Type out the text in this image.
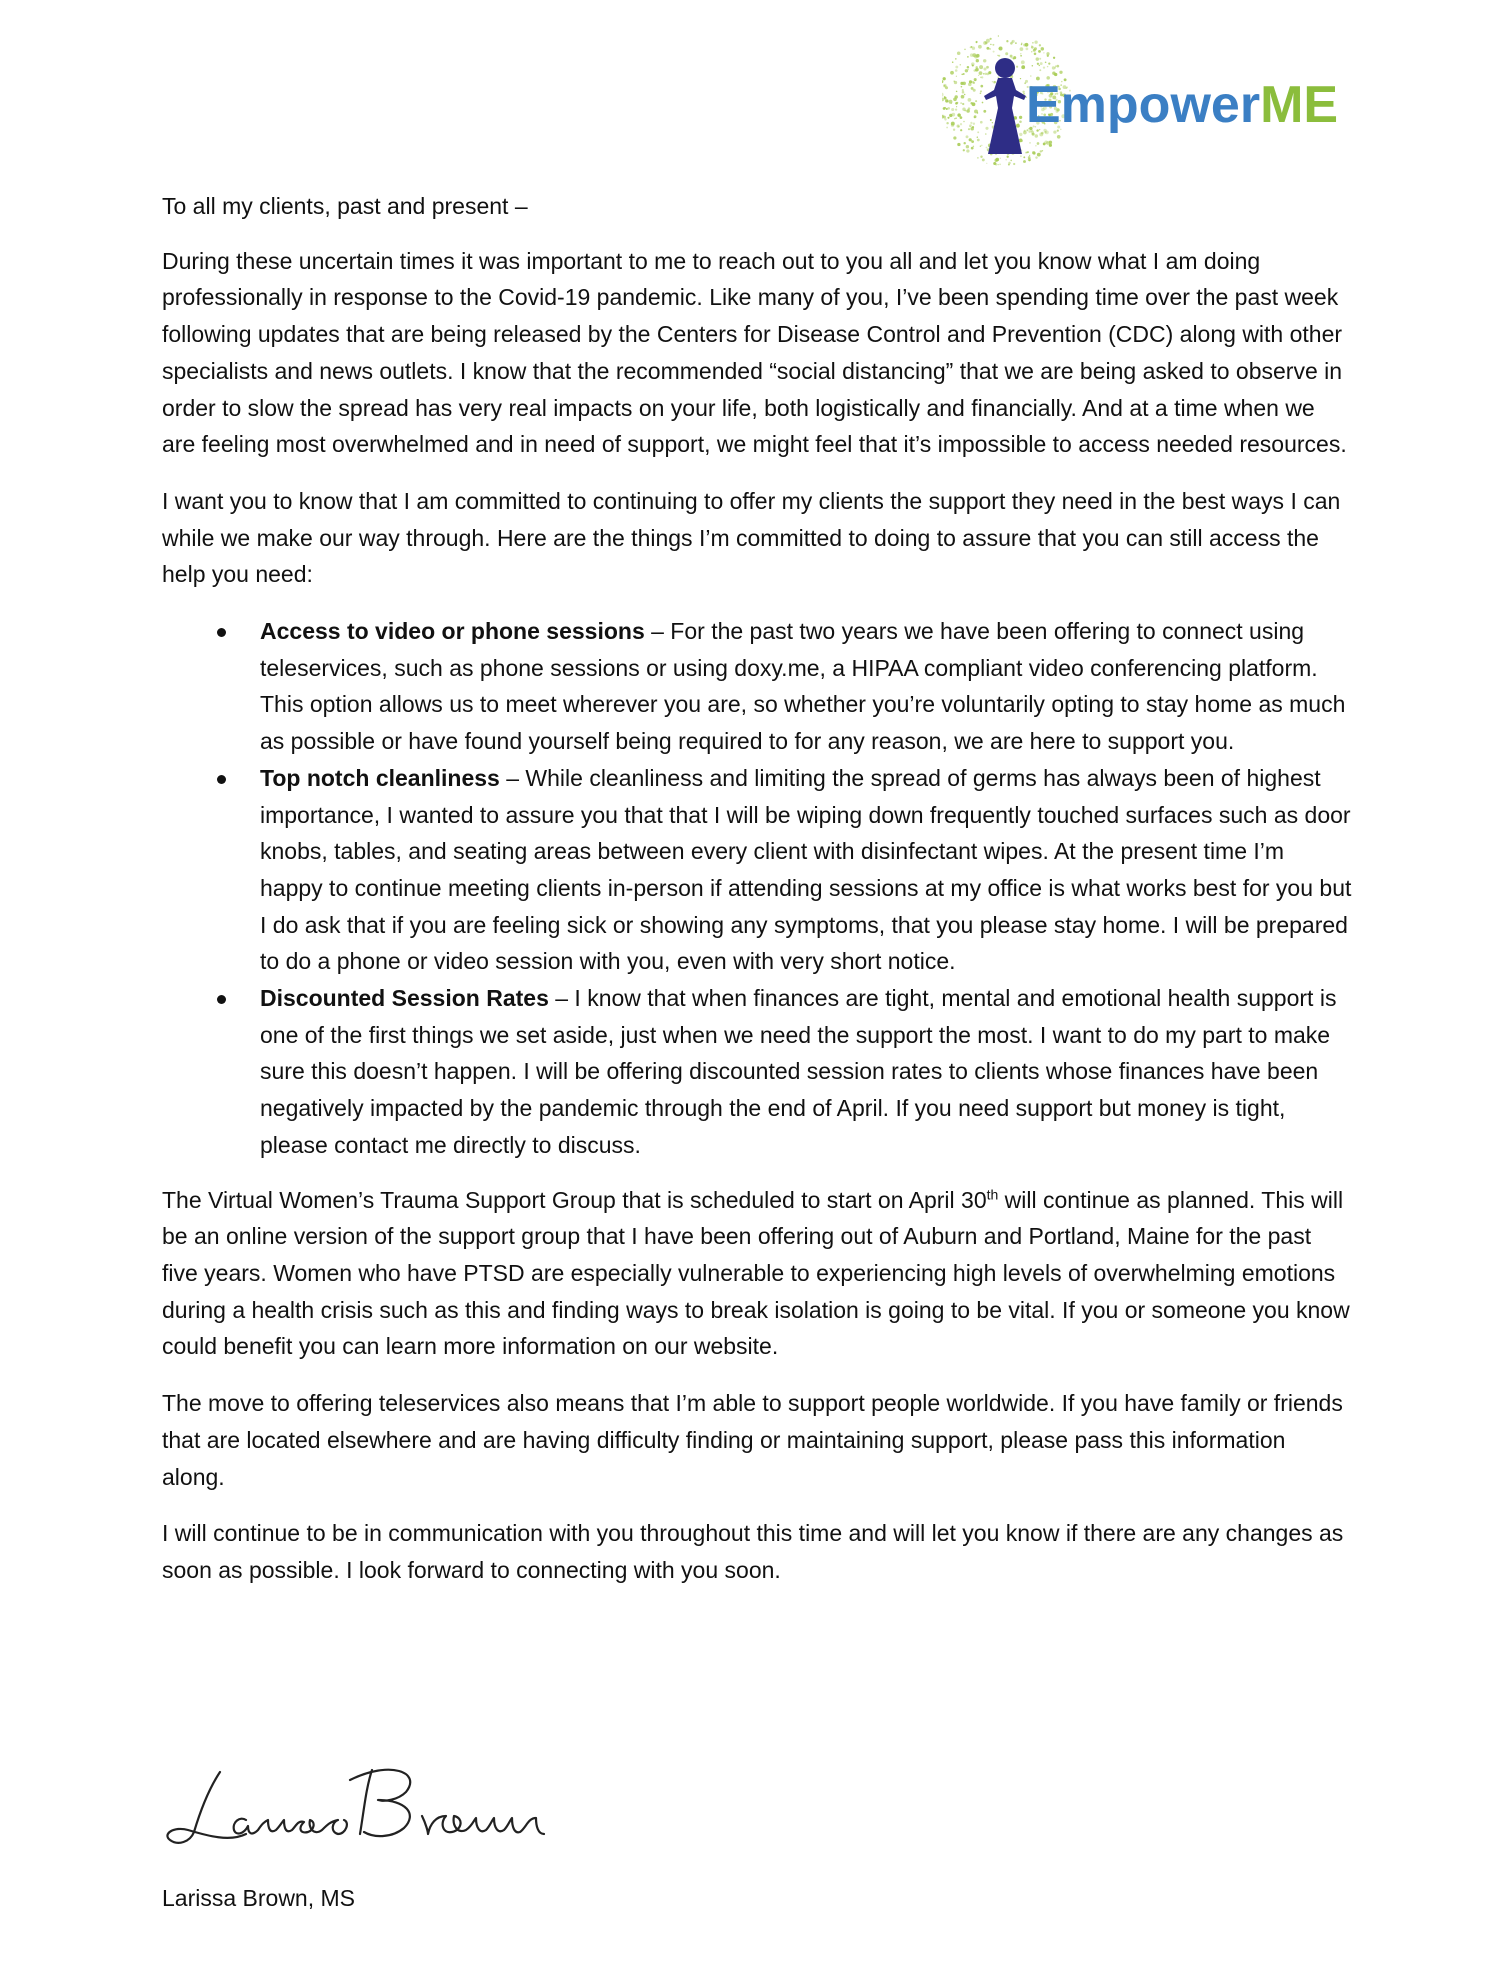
EmpowerME

To all my clients, past and present –

During these uncertain times it was important to me to reach out to you all and let you know what I am doing professionally in response to the Covid-19 pandemic. Like many of you, I’ve been spending time over the past week following updates that are being released by the Centers for Disease Control and Prevention (CDC) along with other specialists and news outlets. I know that the recommended “social distancing” that we are being asked to observe in order to slow the spread has very real impacts on your life, both logistically and financially. And at a time when we are feeling most overwhelmed and in need of support, we might feel that it’s impossible to access needed resources.

I want you to know that I am committed to continuing to offer my clients the support they need in the best ways I can while we make our way through. Here are the things I’m committed to doing to assure that you can still access the help you need:

Access to video or phone sessions – For the past two years we have been offering to connect using teleservices, such as phone sessions or using doxy.me, a HIPAA compliant video conferencing platform. This option allows us to meet wherever you are, so whether you’re voluntarily opting to stay home as much as possible or have found yourself being required to for any reason, we are here to support you.
Top notch cleanliness – While cleanliness and limiting the spread of germs has always been of highest importance, I wanted to assure you that that I will be wiping down frequently touched surfaces such as door knobs, tables, and seating areas between every client with disinfectant wipes. At the present time I’m happy to continue meeting clients in-person if attending sessions at my office is what works best for you but I do ask that if you are feeling sick or showing any symptoms, that you please stay home. I will be prepared to do a phone or video session with you, even with very short notice.
Discounted Session Rates – I know that when finances are tight, mental and emotional health support is one of the first things we set aside, just when we need the support the most. I want to do my part to make sure this doesn’t happen. I will be offering discounted session rates to clients whose finances have been negatively impacted by the pandemic through the end of April. If you need support but money is tight, please contact me directly to discuss.

The Virtual Women’s Trauma Support Group that is scheduled to start on April 30th will continue as planned. This will be an online version of the support group that I have been offering out of Auburn and Portland, Maine for the past five years. Women who have PTSD are especially vulnerable to experiencing high levels of overwhelming emotions during a health crisis such as this and finding ways to break isolation is going to be vital. If you or someone you know could benefit you can learn more information on our website.

The move to offering teleservices also means that I’m able to support people worldwide. If you have family or friends that are located elsewhere and are having difficulty finding or maintaining support, please pass this information along.

I will continue to be in communication with you throughout this time and will let you know if there are any changes as soon as possible. I look forward to connecting with you soon.

Larissa Brown, MS
